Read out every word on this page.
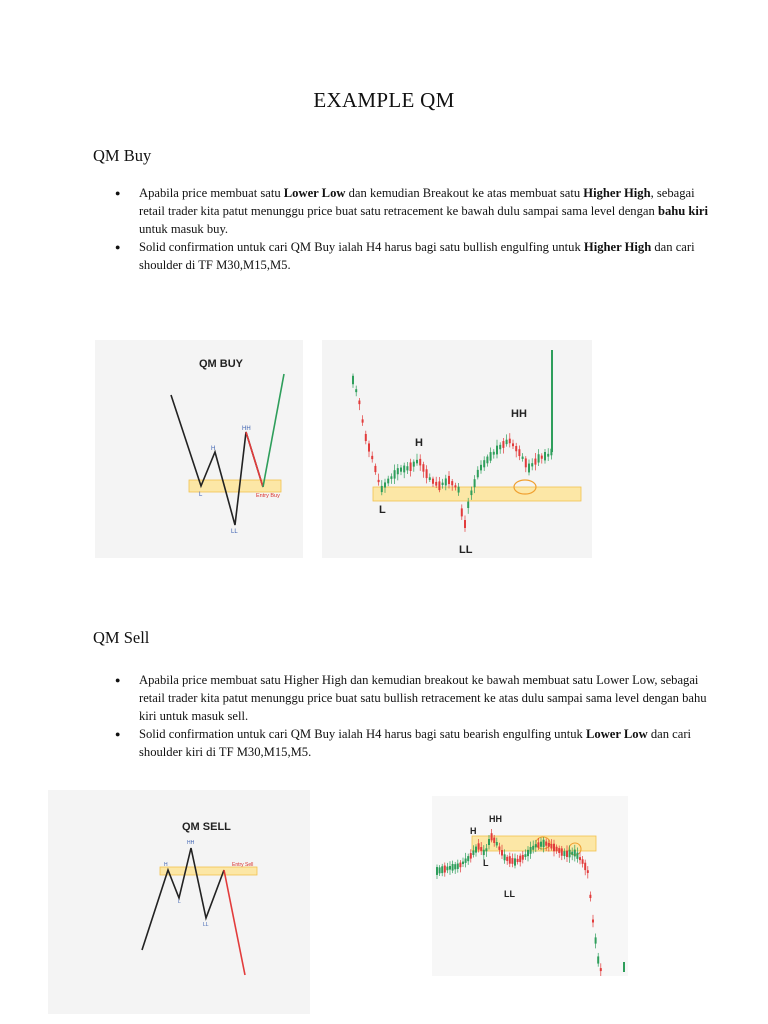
EXAMPLE QM
QM Buy
● Apabila price membuat satu Lower Low dan kemudian Breakout ke atas membuat satu Higher High, sebagai retail trader kita patut menunggu price buat satu retracement ke bawah dulu sampai sama level dengan bahu kiri untuk masuk buy.
● Solid confirmation untuk cari QM Buy ialah H4 harus bagi satu bullish engulfing untuk Higher High dan cari shoulder di TF M30,M15,M5.
QM BUY
H
HH
L
LL
Entry Buy
HH
H
L
LL
QM Sell
● Apabila price membuat satu Higher High dan kemudian breakout ke bawah membuat satu Lower Low, sebagai retail trader kita patut menunggu price buat satu bullish retracement ke atas dulu sampai sama level dengan bahu kiri untuk masuk sell.
● Solid confirmation untuk cari QM Buy ialah H4 harus bagi satu bearish engulfing untuk Lower Low dan cari shoulder kiri di TF M30,M15,M5.
QM SELL
H
HH
L
LL
Entry Sell
HH
H
L
LL
